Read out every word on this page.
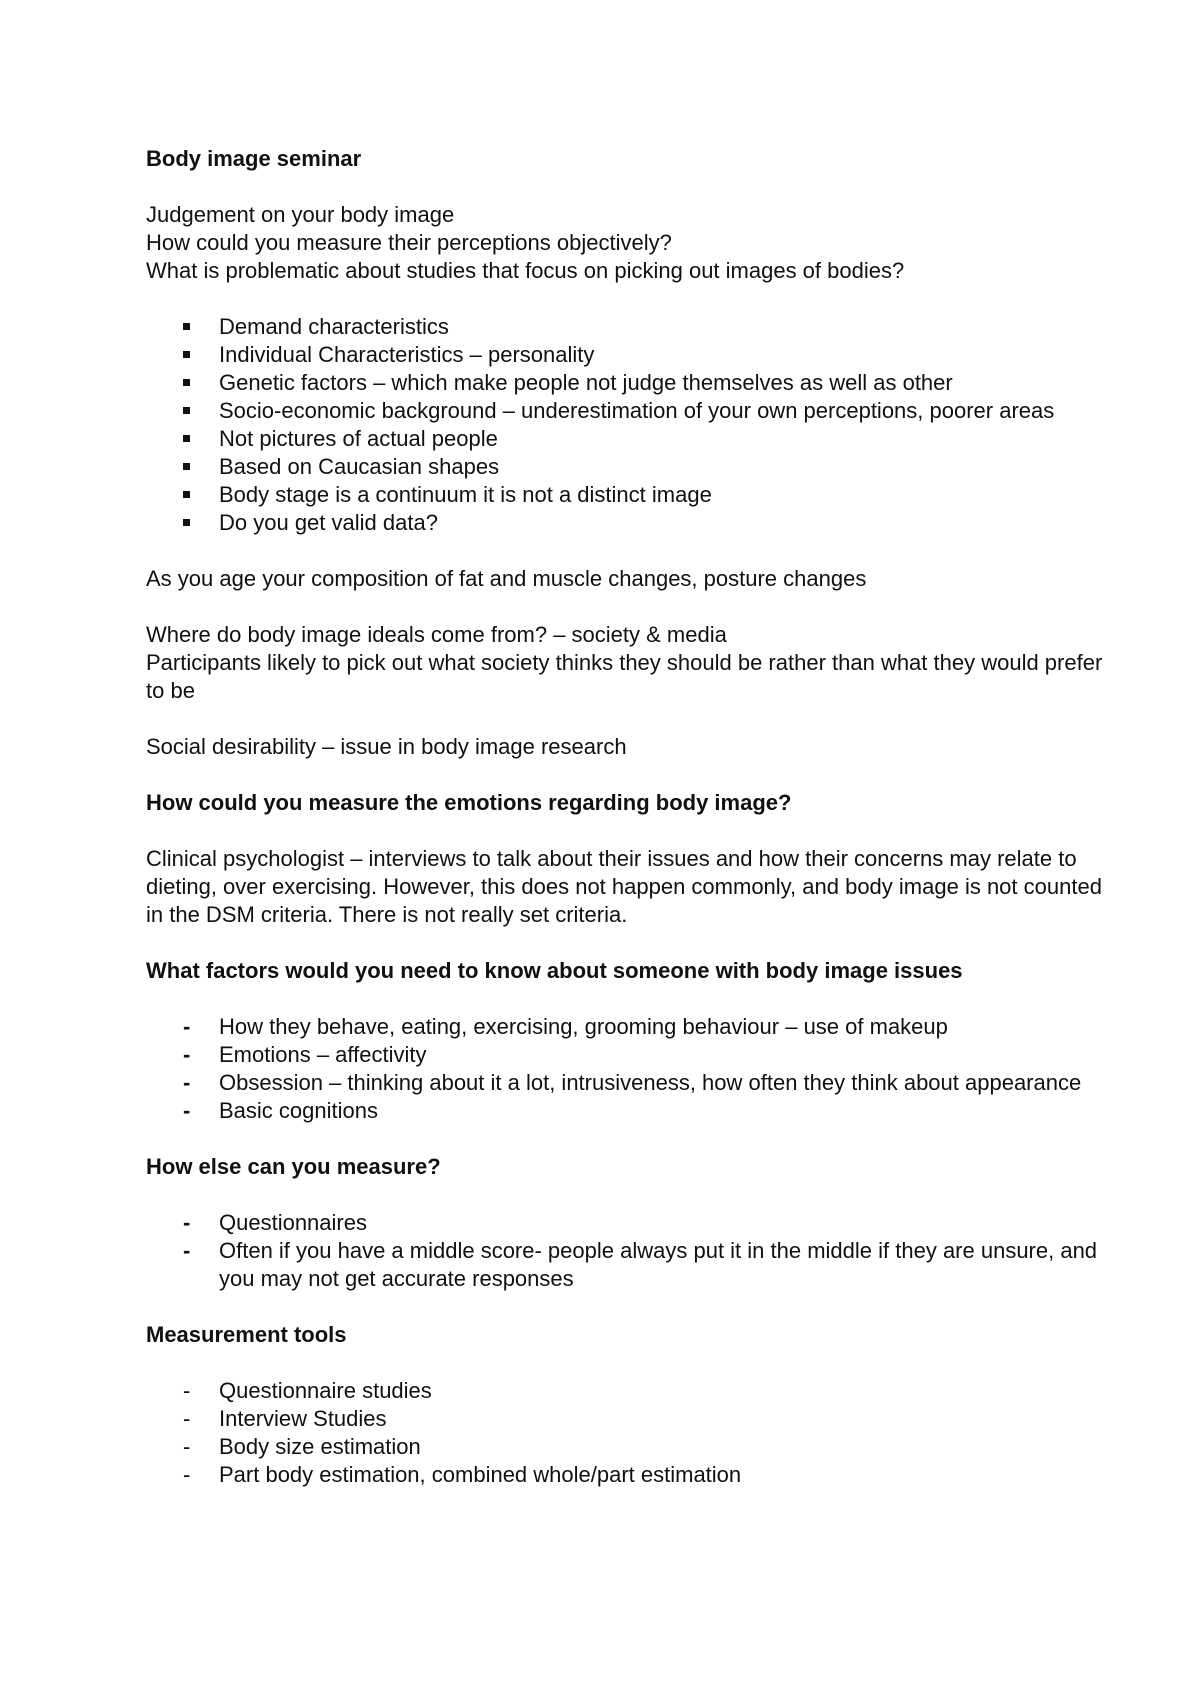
Body image seminar

Judgement on your body image

How could you measure their perceptions objectively?

What is problematic about studies that focus on picking out images of bodies?

Demand characteristics
Individual Characteristics – personality
Genetic factors – which make people not judge themselves as well as other
Socio-economic background – underestimation of your own perceptions, poorer areas
Not pictures of actual people
Based on Caucasian shapes
Body stage is a continuum it is not a distinct image
Do you get valid data?

As you age your composition of fat and muscle changes, posture changes

Where do body image ideals come from? – society & media

Participants likely to pick out what society thinks they should be rather than what they would prefer to be

Social desirability – issue in body image research

How could you measure the emotions regarding body image?

Clinical psychologist – interviews to talk about their issues and how their concerns may relate to dieting, over exercising. However, this does not happen commonly, and body image is not counted in the DSM criteria. There is not really set criteria.

What factors would you need to know about someone with body image issues

-	How they behave, eating, exercising, grooming behaviour – use of makeup
-	Emotions – affectivity
-	Obsession – thinking about it a lot, intrusiveness, how often they think about appearance
-	Basic cognitions

How else can you measure?

-	Questionnaires
-	Often if you have a middle score- people always put it in the middle if they are unsure, and you may not get accurate responses

Measurement tools

-	Questionnaire studies
-	Interview Studies
-	Body size estimation
-	Part body estimation, combined whole/part estimation
